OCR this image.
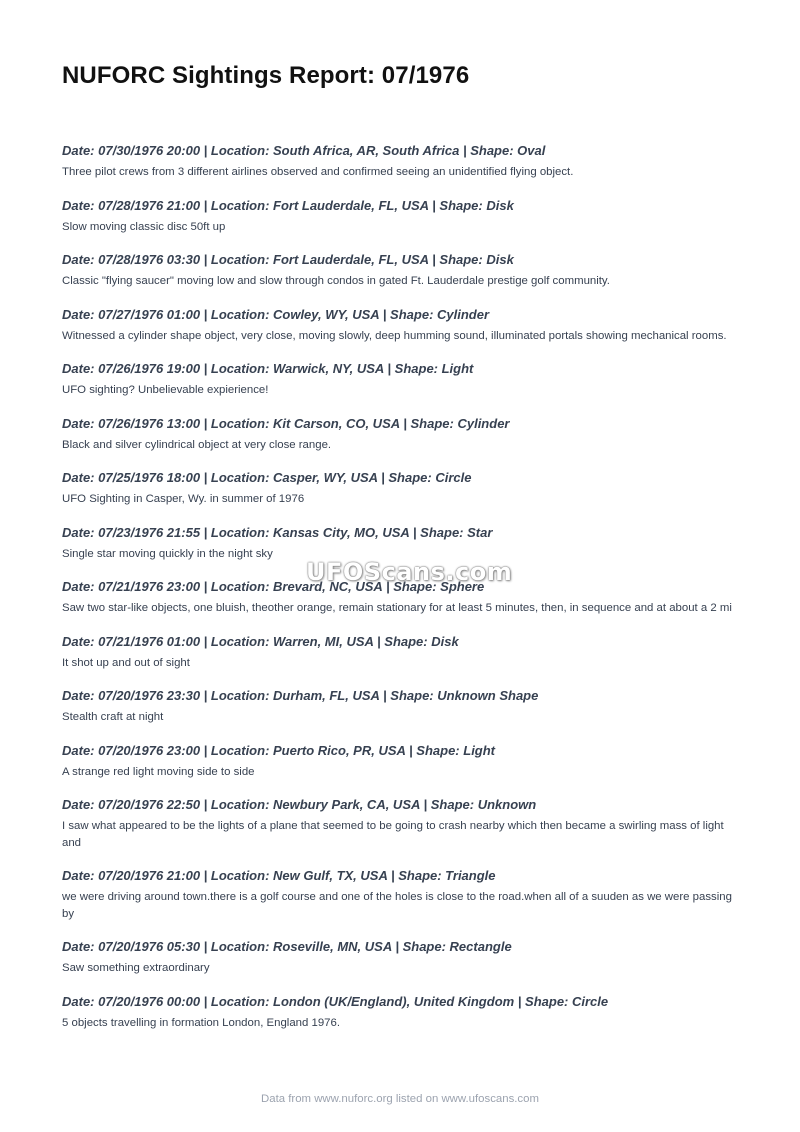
NUFORC Sightings Report: 07/1976

Date: 07/30/1976 20:00 | Location: South Africa, AR, South Africa | Shape: Oval

Three pilot crews from 3 different airlines observed and confirmed seeing an unidentified flying object.

Date: 07/28/1976 21:00 | Location: Fort Lauderdale, FL, USA | Shape: Disk

Slow moving classic disc 50ft up

Date: 07/28/1976 03:30 | Location: Fort Lauderdale, FL, USA | Shape: Disk

Classic "flying saucer" moving low and slow through condos in gated Ft. Lauderdale prestige golf community.

Date: 07/27/1976 01:00 | Location: Cowley, WY, USA | Shape: Cylinder

Witnessed a cylinder shape object, very close, moving slowly, deep humming sound, illuminated portals showing mechanical rooms.

Date: 07/26/1976 19:00 | Location: Warwick, NY, USA | Shape: Light

UFO sighting? Unbelievable expierience!

Date: 07/26/1976 13:00 | Location: Kit Carson, CO, USA | Shape: Cylinder

Black and silver cylindrical object at very close range.

Date: 07/25/1976 18:00 | Location: Casper, WY, USA | Shape: Circle

UFO Sighting in Casper, Wy. in summer of 1976

Date: 07/23/1976 21:55 | Location: Kansas City, MO, USA | Shape: Star

Single star moving quickly in the night sky

Date: 07/21/1976 23:00 | Location: Brevard, NC, USA | Shape: Sphere

Saw two star-like objects, one bluish, theother orange, remain stationary for at least 5 minutes, then, in sequence and at about a 2 mi

Date: 07/21/1976 01:00 | Location: Warren, MI, USA | Shape: Disk

It shot up and out of sight

Date: 07/20/1976 23:30 | Location: Durham, FL, USA | Shape: Unknown Shape

Stealth craft at night

Date: 07/20/1976 23:00 | Location: Puerto Rico, PR, USA | Shape: Light

A strange red light moving side to side

Date: 07/20/1976 22:50 | Location: Newbury Park, CA, USA | Shape: Unknown

I saw what appeared to be the lights of a plane that seemed to be going to crash nearby which then became a swirling mass of light and

Date: 07/20/1976 21:00 | Location: New Gulf, TX, USA | Shape: Triangle

we were driving around town.there is a golf course and one of the holes is close to the road.when all of a suuden as we were passing by

Date: 07/20/1976 05:30 | Location: Roseville, MN, USA | Shape: Rectangle

Saw something extraordinary

Date: 07/20/1976 00:00 | Location: London (UK/England), United Kingdom | Shape: Circle

5 objects travelling in formation London, England 1976.

UFOScans.com
Data from www.nuforc.org listed on www.ufoscans.com
